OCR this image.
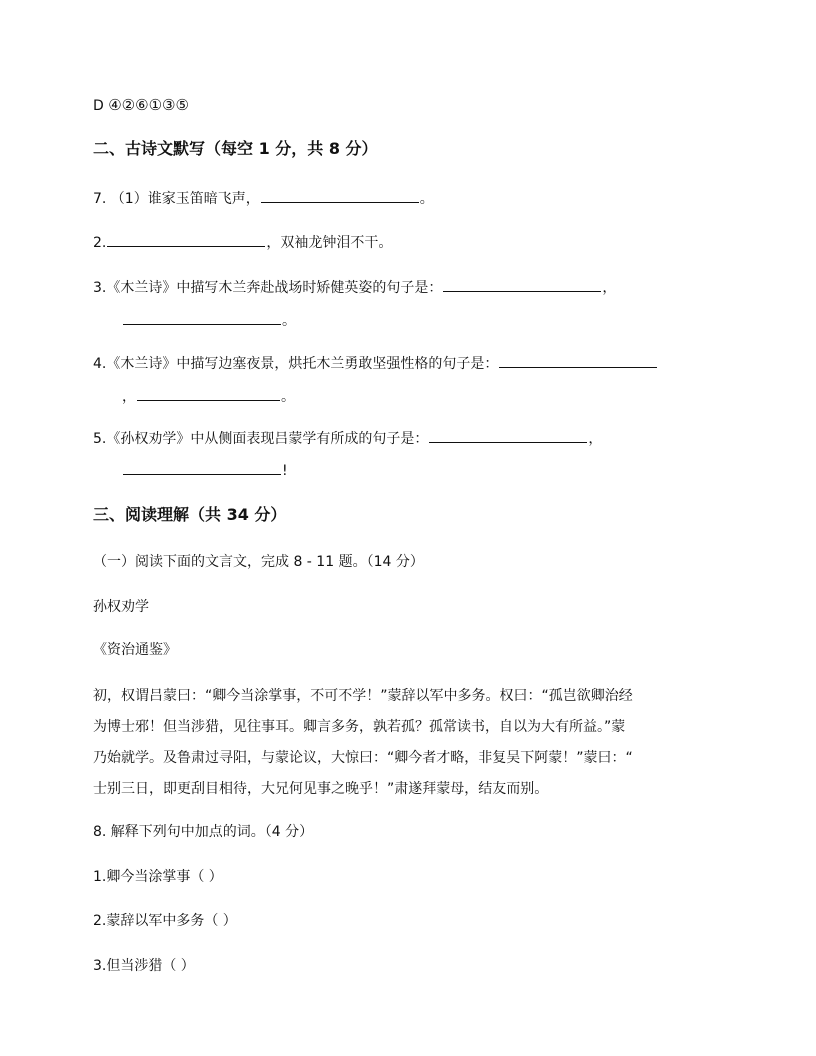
D ④②⑥①③⑤
二、古诗文默写（每空 1 分，共 8 分）
7. （1）谁家玉笛暗飞声，	。
2.	，双袖龙钟泪不干。
3.《木兰诗》中描写木兰奔赴战场时矫健英姿的句子是：	，
。
4.《木兰诗》中描写边塞夜景，烘托木兰勇敢坚强性格的句子是：
，	。
5.《孙权劝学》中从侧面表现吕蒙学有所成的句子是：	，
!
三、阅读理解（共 34 分）
（一）阅读下面的文言文，完成 8 - 11 题。（14 分）
孙权劝学
《资治通鉴》
初，权谓吕蒙曰：“卿今当涂掌事，不可不学！”蒙辞以军中多务。权曰：“孤岂欲卿治经
为博士邪！但当涉猎，见往事耳。卿言多务，孰若孤？孤常读书，自以为大有所益。”蒙
乃始就学。及鲁肃过寻阳，与蒙论议，大惊曰：“卿今者才略，非复吴下阿蒙！”蒙曰：“
士别三日，即更刮目相待，大兄何见事之晚乎！”肃遂拜蒙母，结友而别。
8. 解释下列句中加点的词。（4 分）
1.卿今当涂掌事（ ）
2.蒙辞以军中多务（ ）
3.但当涉猎（ ）
